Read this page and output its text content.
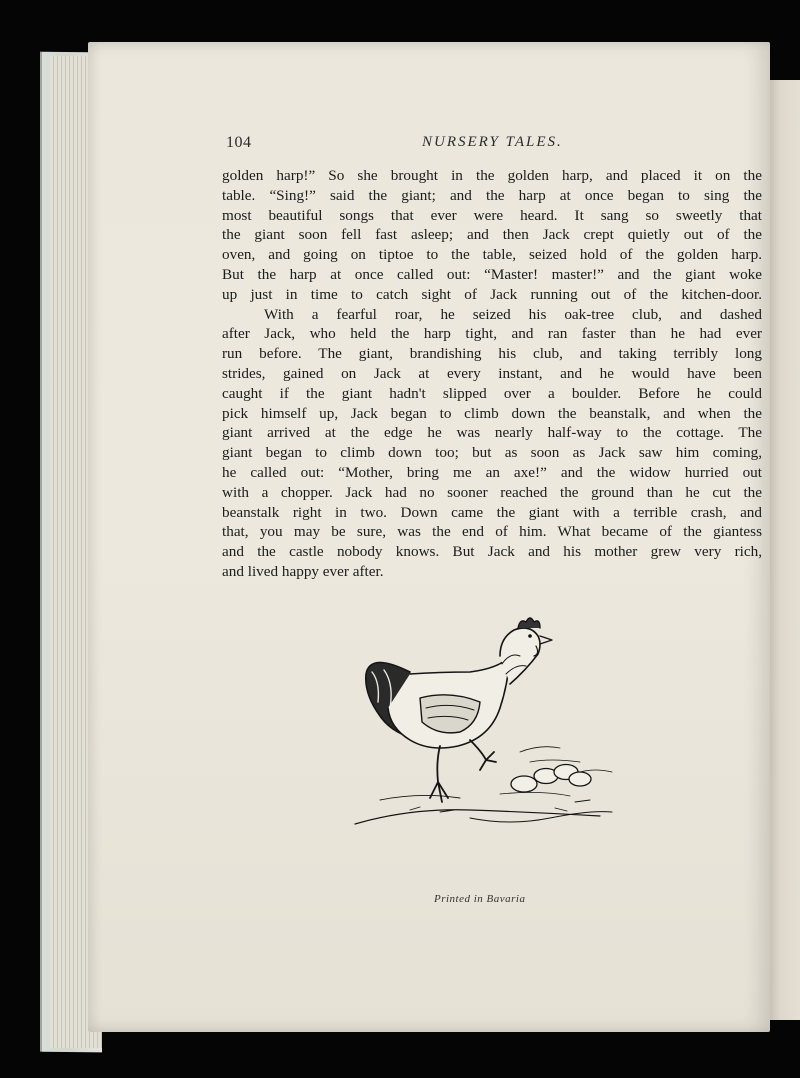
104	NURSERY TALES.
golden harp!” So she brought in the golden harp, and placed it on the
table. “Sing!” said the giant; and the harp at once began to sing the
most beautiful songs that ever were heard. It sang so sweetly that
the giant soon fell fast asleep; and then Jack crept quietly out of the
oven, and going on tiptoe to the table, seized hold of the golden harp.
But the harp at once called out: “Master! master!” and the giant woke
up just in time to catch sight of Jack running out of the kitchen-door.
With a fearful roar, he seized his oak-tree club, and dashed
after Jack, who held the harp tight, and ran faster than he had ever
run before. The giant, brandishing his club, and taking terribly long
strides, gained on Jack at every instant, and he would have been
caught if the giant hadn't slipped over a boulder. Before he could
pick himself up, Jack began to climb down the beanstalk, and when the
giant arrived at the edge he was nearly half-way to the cottage. The
giant began to climb down too; but as soon as Jack saw him coming,
he called out: “Mother, bring me an axe!” and the widow hurried out
with a chopper. Jack had no sooner reached the ground than he cut the
beanstalk right in two. Down came the giant with a terrible crash, and
that, you may be sure, was the end of him. What became of the giantess
and the castle nobody knows. But Jack and his mother grew very rich,
and lived happy ever after.
Printed in Bavaria
